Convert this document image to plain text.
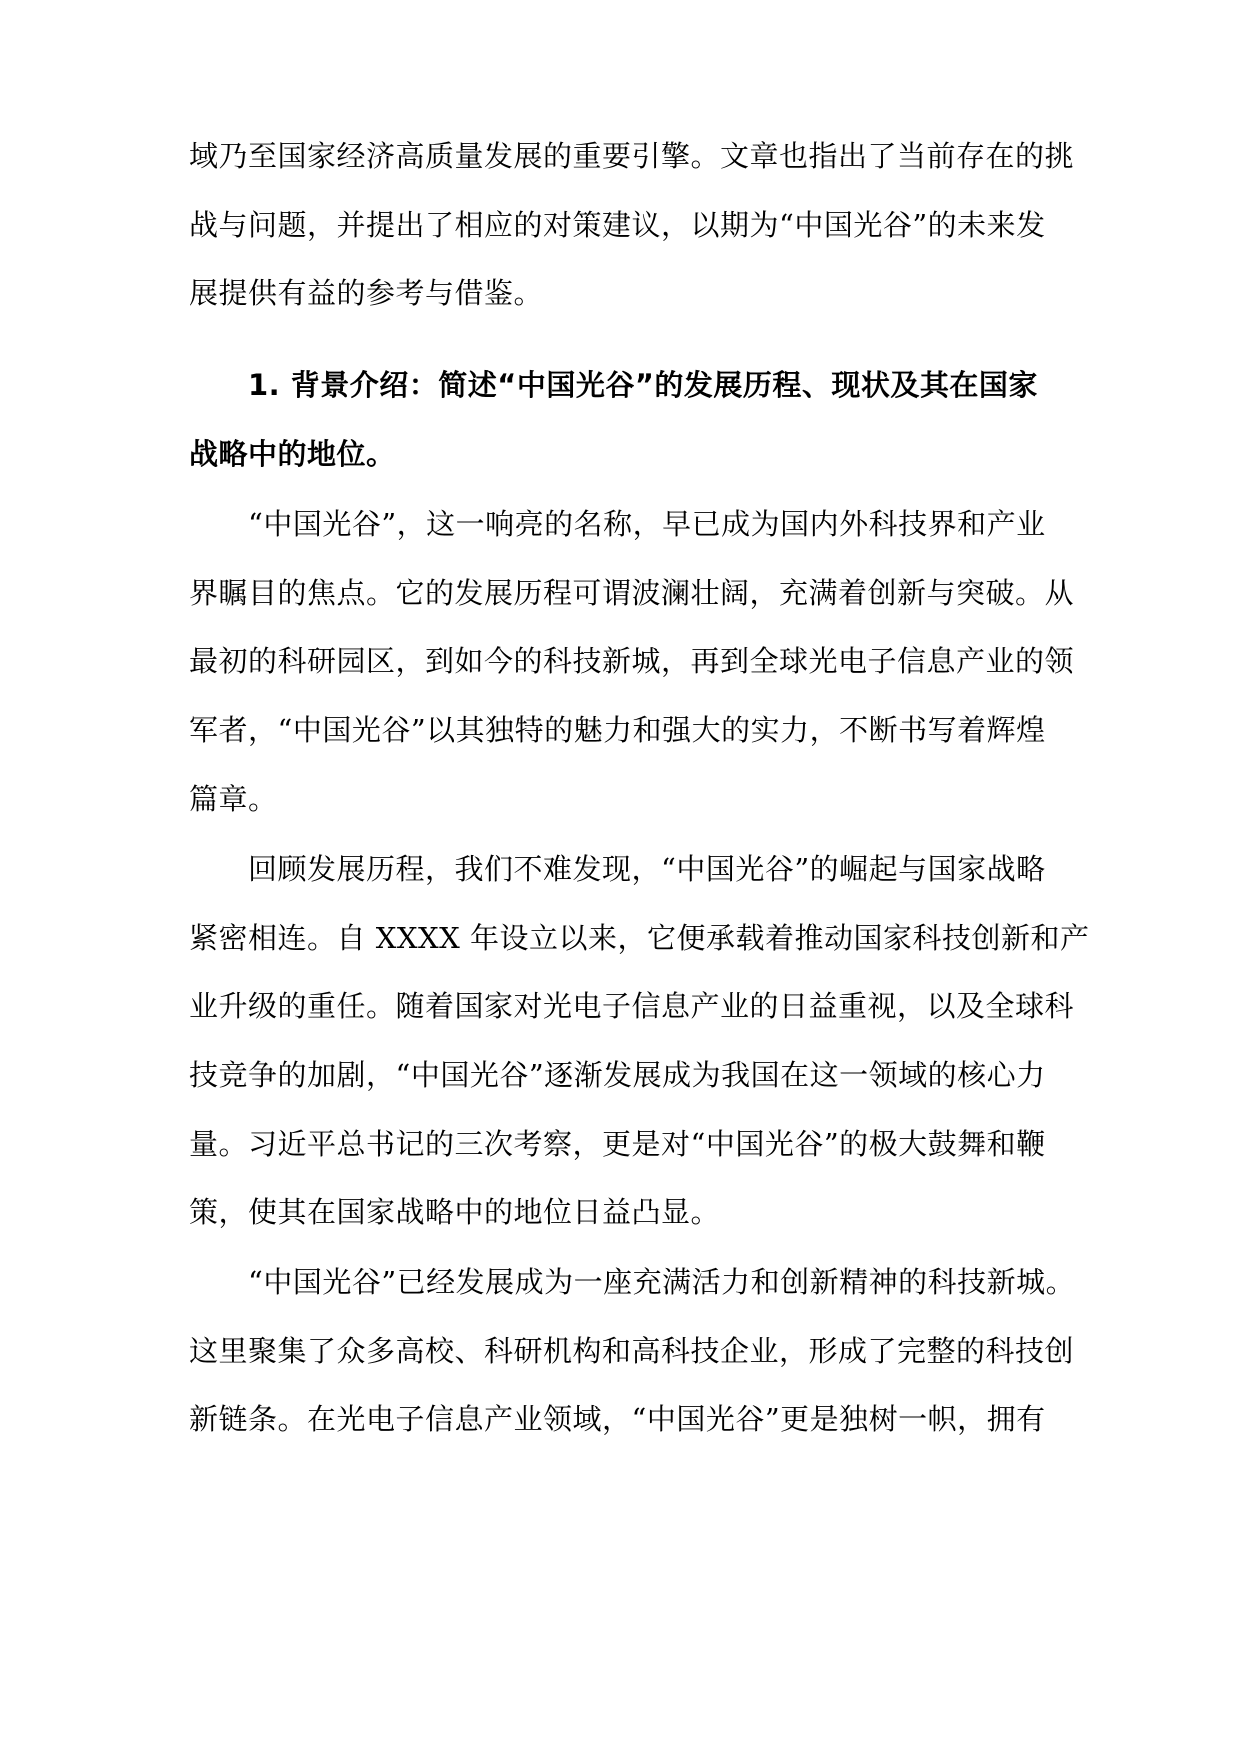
域乃至国家经济高质量发展的重要引擎。文章也指出了当前存在的挑
战与问题，并提出了相应的对策建议，以期为“中国光谷”的未来发
展提供有益的参考与借鉴。
1. 背景介绍：简述“中国光谷”的发展历程、现状及其在国家
战略中的地位。
“中国光谷”，这一响亮的名称，早已成为国内外科技界和产业
界瞩目的焦点。它的发展历程可谓波澜壮阔，充满着创新与突破。从
最初的科研园区，到如今的科技新城，再到全球光电子信息产业的领
军者，“中国光谷”以其独特的魅力和强大的实力，不断书写着辉煌
篇章。
回顾发展历程，我们不难发现，“中国光谷”的崛起与国家战略
紧密相连。自 XXXX 年设立以来，它便承载着推动国家科技创新和产
业升级的重任。随着国家对光电子信息产业的日益重视，以及全球科
技竞争的加剧，“中国光谷”逐渐发展成为我国在这一领域的核心力
量。习近平总书记的三次考察，更是对“中国光谷”的极大鼓舞和鞭
策，使其在国家战略中的地位日益凸显。
“中国光谷”已经发展成为一座充满活力和创新精神的科技新城。
这里聚集了众多高校、科研机构和高科技企业，形成了完整的科技创
新链条。在光电子信息产业领域，“中国光谷”更是独树一帜，拥有
